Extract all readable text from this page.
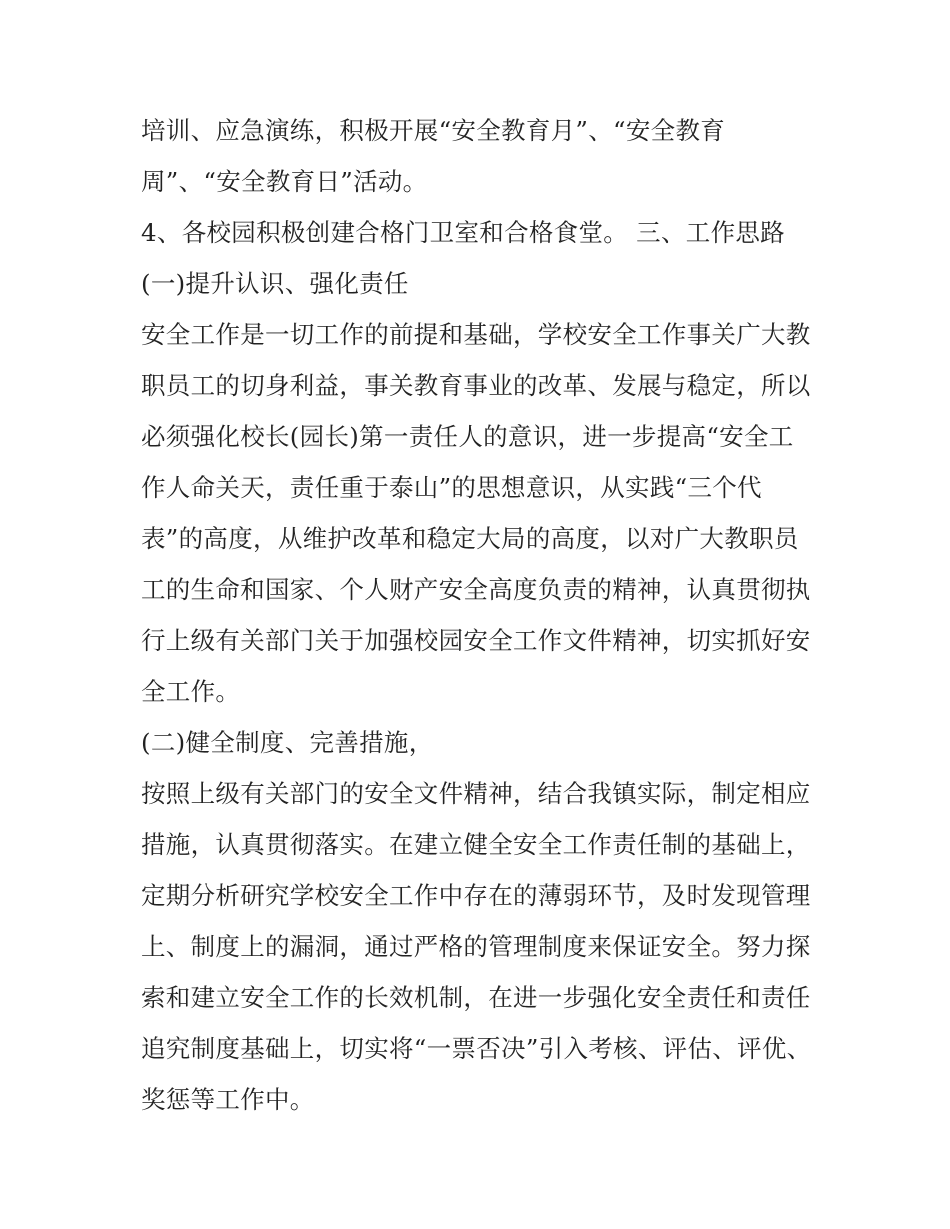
培训、应急演练，积极开展“安全教育月”、“安全教育
周”、“安全教育日”活动。
4、各校园积极创建合格门卫室和合格食堂。 三、工作思路
(一)提升认识、强化责任
安全工作是一切工作的前提和基础，学校安全工作事关广大教
职员工的切身利益，事关教育事业的改革、发展与稳定，所以
必须强化校长(园长)第一责任人的意识，进一步提高“安全工
作人命关天，责任重于泰山”的思想意识，从实践“三个代
表”的高度，从维护改革和稳定大局的高度，以对广大教职员
工的生命和国家、个人财产安全高度负责的精神，认真贯彻执
行上级有关部门关于加强校园安全工作文件精神，切实抓好安
全工作。
(二)健全制度、完善措施，
按照上级有关部门的安全文件精神，结合我镇实际，制定相应
措施，认真贯彻落实。在建立健全安全工作责任制的基础上，
定期分析研究学校安全工作中存在的薄弱环节，及时发现管理
上、制度上的漏洞，通过严格的管理制度来保证安全。努力探
索和建立安全工作的长效机制，在进一步强化安全责任和责任
追究制度基础上，切实将“一票否决”引入考核、评估、评优、
奖惩等工作中。
